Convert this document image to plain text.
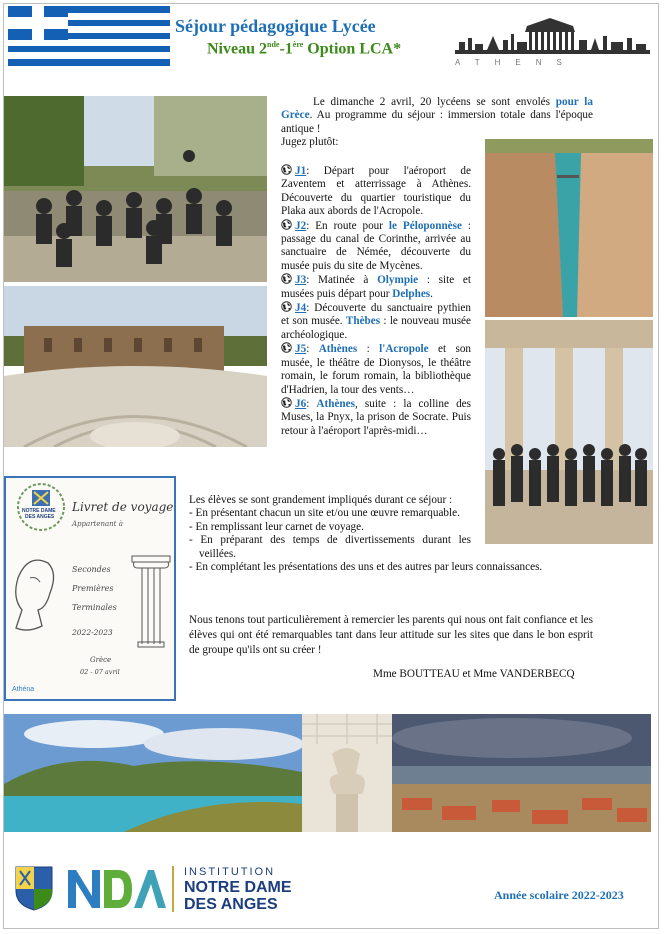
Séjour pédagogique Lycée
Niveau 2nde-1ère Option LCA*
ATHENS

Le dimanche 2 avril, 20 lycéens se sont envolés pour la Grèce. Au programme du séjour : immersion totale dans l'époque antique !

Jugez plutôt:

J1: Départ pour l'aéroport de Zaventem et atterrissage à Athènes. Découverte du quartier touristique du Plaka aux abords de l'Acropole.

J2: En route pour le Péloponnèse : passage du canal de Corinthe, arrivée au sanctuaire de Némée, découverte du musée puis du site de Mycènes.

J3: Matinée à Olympie : site et musées puis départ pour Delphes.

J4: Découverte du sanctuaire pythien et son musée. Thèbes : le nouveau musée archéologique.

J5: Athènes : l'Acropole et son musée, le théâtre de Dionysos, le théâtre romain, le forum romain, la bibliothèque d'Hadrien, la tour des vents…

J6: Athènes, suite : la colline des Muses, la Pnyx, la prison de Socrate. Puis retour à l'aéroport l'après-midi…

NOTRE DAME
DES ANGES
Livret de voyage
Appartenant à
Secondes
Premières
Terminales
2022-2023
Grèce
02 - 07 avril
Athéna

Les élèves se sont grandement impliqués durant ce séjour :

- En présentant chacun un site et/ou une œuvre remarquable.
- En remplissant leur carnet de voyage.
- En préparant des temps de divertissements durant les veillées.
- En complétant les présentations des uns et des autres par leurs connaissances.
Nous tenons tout particulièrement à remercier les parents qui nous ont fait confiance et les élèves qui ont été remarquables tant dans leur attitude sur les sites que dans le bon esprit de groupe qu'ils ont su créer !
Mme BOUTTEAU et Mme VANDERBECQ
INSTITUTION
NOTRE DAME
DES ANGES
Année scolaire 2022-2023
